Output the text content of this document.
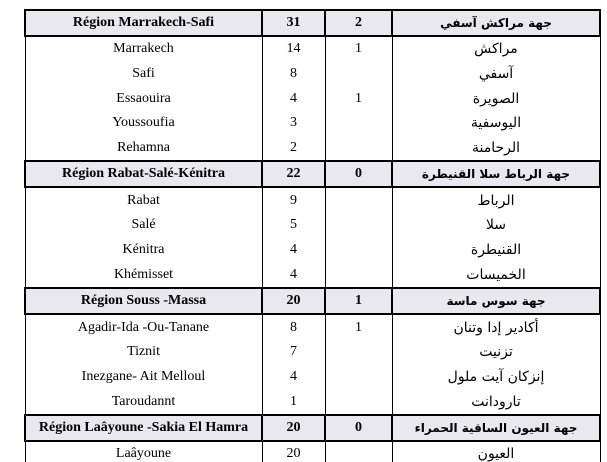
Région Marrakech-Safi	31	2	جهة مراكش آسفي
Marrakech	14	1	مراكش
Safi	8		آسفي
Essaouira	4	1	الصويرة
Youssoufia	3		اليوسفية
Rehamna	2		الرحامنة
Région Rabat-Salé-Kénitra	22	0	جهة الرباط سلا القنيطرة
Rabat	9		الرباط
Salé	5		سلا
Kénitra	4		القنيطرة
Khémisset	4		الخميسات
Région Souss -Massa	20	1	جهة سوس ماسة
Agadir-Ida -Ou-Tanane	8	1	أكادير إدا وتنان
Tiznit	7		تزنيت
Inezgane- Ait Melloul	4		إنزكان آيت ملول
Taroudannt	1		تارودانت
Région Laâyoune -Sakia El Hamra	20	0	جهة العيون الساقية الحمراء
Laâyoune	20		العيون
